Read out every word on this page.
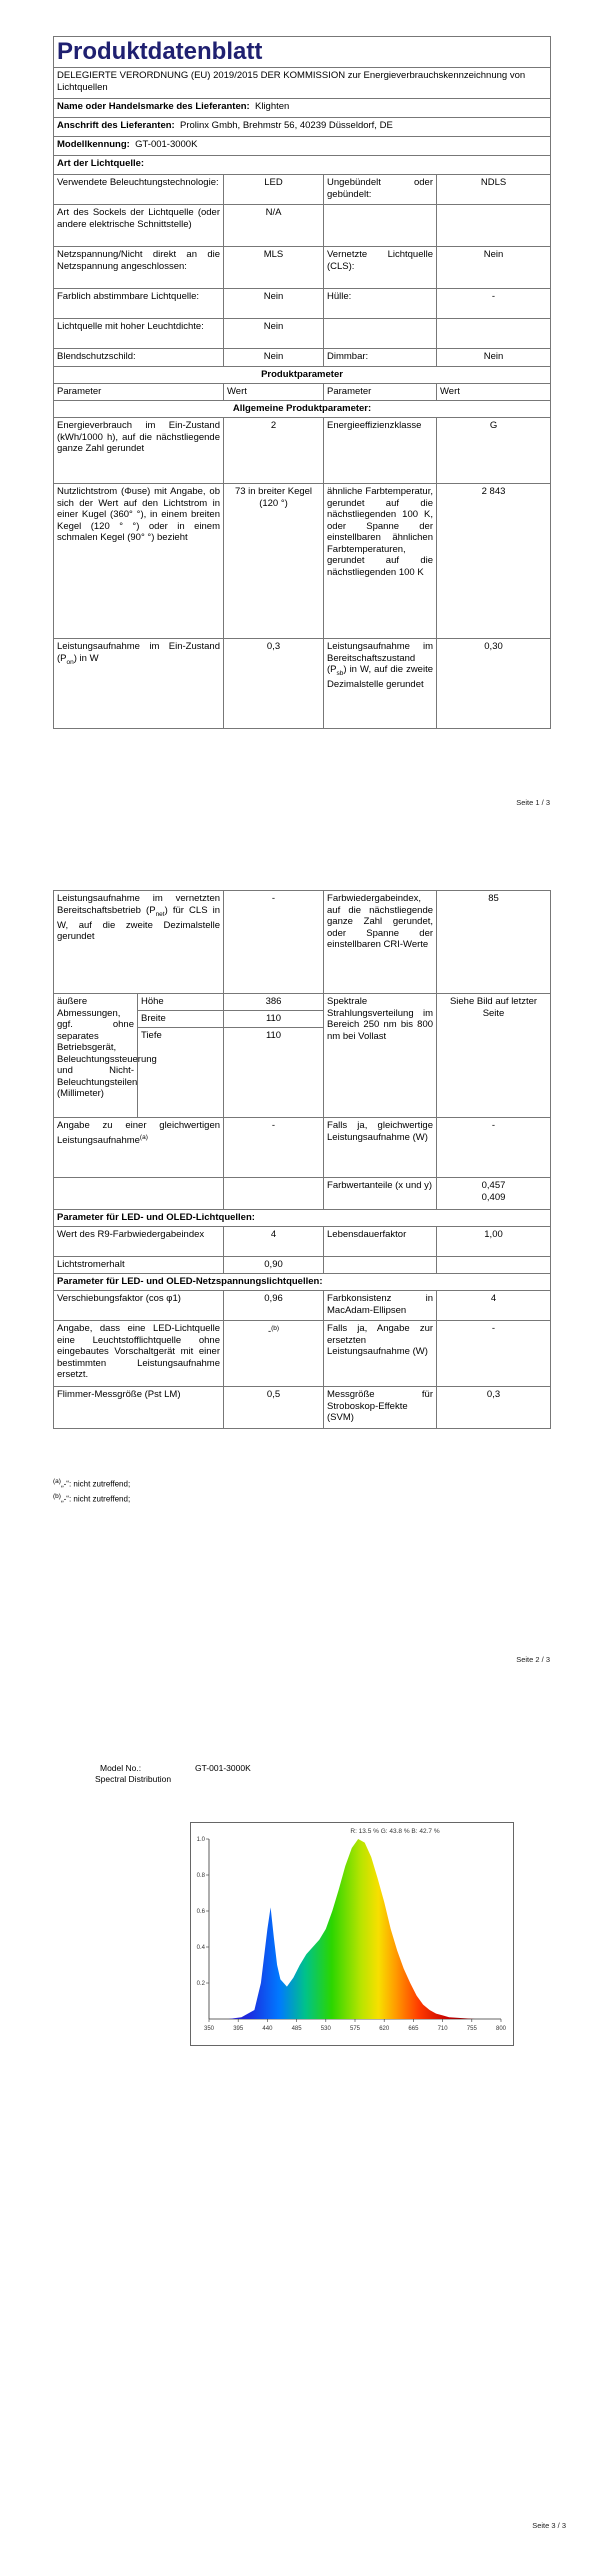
Produktdatenblatt			
DELEGIERTE VERORDNUNG (EU) 2019/2015 DER KOMMISSION zur Energieverbrauchskennzeichnung von Lichtquellen			
Name oder Handelsmarke des Lieferanten: Klighten			
Anschrift des Lieferanten: Prolinx Gmbh, Brehmstr 56, 40239 Düsseldorf, DE			
Modellkennung: GT-001-3000K			
Art der Lichtquelle:			
Verwendete Beleuchtungstechnologie:	LED	Ungebündelt oder gebündelt:	NDLS
Art des Sockels der Lichtquelle (oder andere elektrische Schnittstelle)	N/A		
Netzspannung/Nicht direkt an die Netzspannung angeschlossen:	MLS	Vernetzte Lichtquelle (CLS):	Nein
Farblich abstimmbare Lichtquelle:	Nein	Hülle:	-
Lichtquelle mit hoher Leuchtdichte:	Nein		
Blendschutzschild:	Nein	Dimmbar:	Nein
Produktparameter			
Parameter	Wert	Parameter	Wert
Allgemeine Produktparameter:			
Energieverbrauch im Ein-Zustand (kWh/1000 h), auf die nächstliegende ganze Zahl gerundet	2	Energieeffizienzklasse	G
Nutzlichtstrom (Φuse) mit Angabe, ob sich der Wert auf den Lichtstrom in einer Kugel (360° °), in einem breiten Kegel (120 ° °) oder in einem schmalen Kegel (90° °) bezieht	73 in breiter Kegel (120 °)	ähnliche Farbtemperatur, gerundet auf die nächstliegenden 100 K, oder Spanne der einstellbaren ähnlichen Farbtemperaturen, gerundet auf die nächstliegenden 100 K	2 843
Leistungsaufnahme im Ein-Zustand $(P_{on})$ in W	0,3	Leistungsaufnahme im Bereitschaftszustand $(P_{sb})$ in W, auf die zweite Dezimalstelle gerundet	0,30
Seite 1 / 3
Leistungsaufnahme im vernetzten Bereitschaftsbetrieb $(P_{net})$ für CLS in W, auf die zweite Dezimalstelle gerundet		-	Farbwiedergabeindex, auf die nächstliegende ganze Zahl gerundet, oder Spanne der einstellbaren CRI-Werte	85
äußere Abmessungen, ggf. ohne separates Betriebsgerät, Beleuchtungssteuerung und Nicht-Beleuchtungsteilen (Millimeter)	Höhe	386	Spektrale Strahlungsverteilung im Bereich 250 nm bis 800 nm bei Vollast	Siehe Bild auf letzter Seite
	Breite	110		
	Tiefe	110		
Angabe zu einer gleichwertigen Leistungsaufnahme$^{(a)}$		-	Falls ja, gleichwertige Leistungsaufnahme (W)	-
			Farbwertanteile (x und y)	0,457
0,409

Parameter für LED- und OLED-Lichtquellen:				
Wert des R9-Farbwiedergabeindex		4	Lebensdauerfaktor	1,00
Lichtstromerhalt		0,90		
Parameter für LED- und OLED-Netzspannungslichtquellen:				
Verschiebungsfaktor (cos φ1)		0,96	Farbkonsistenz in MacAdam-Ellipsen	4
Angabe, dass eine LED-Lichtquelle eine Leuchtstofflichtquelle ohne eingebautes Vorschaltgerät mit einer bestimmten Leistungsaufnahme ersetzt.		-$^{(b)}$	Falls ja, Angabe zur ersetzten Leistungsaufnahme (W)	-
Flimmer-Messgröße (Pst LM)		0,5	Messgröße für Stroboskop-Effekte (SVM)	0,3
$^{(a)}$„-“: nicht zutreffend;
$^{(b)}$„-“: nicht zutreffend;
Seite 2 / 3
Model No.:	GT-001-3000K
Spectral Distribution
350	395	440	485	530	575	620	665	710	755	800
0.2
0.4
0.6
0.8
1.0
R: 13.5 % G: 43.8 % B: 42.7 %
Seite 3 / 3
